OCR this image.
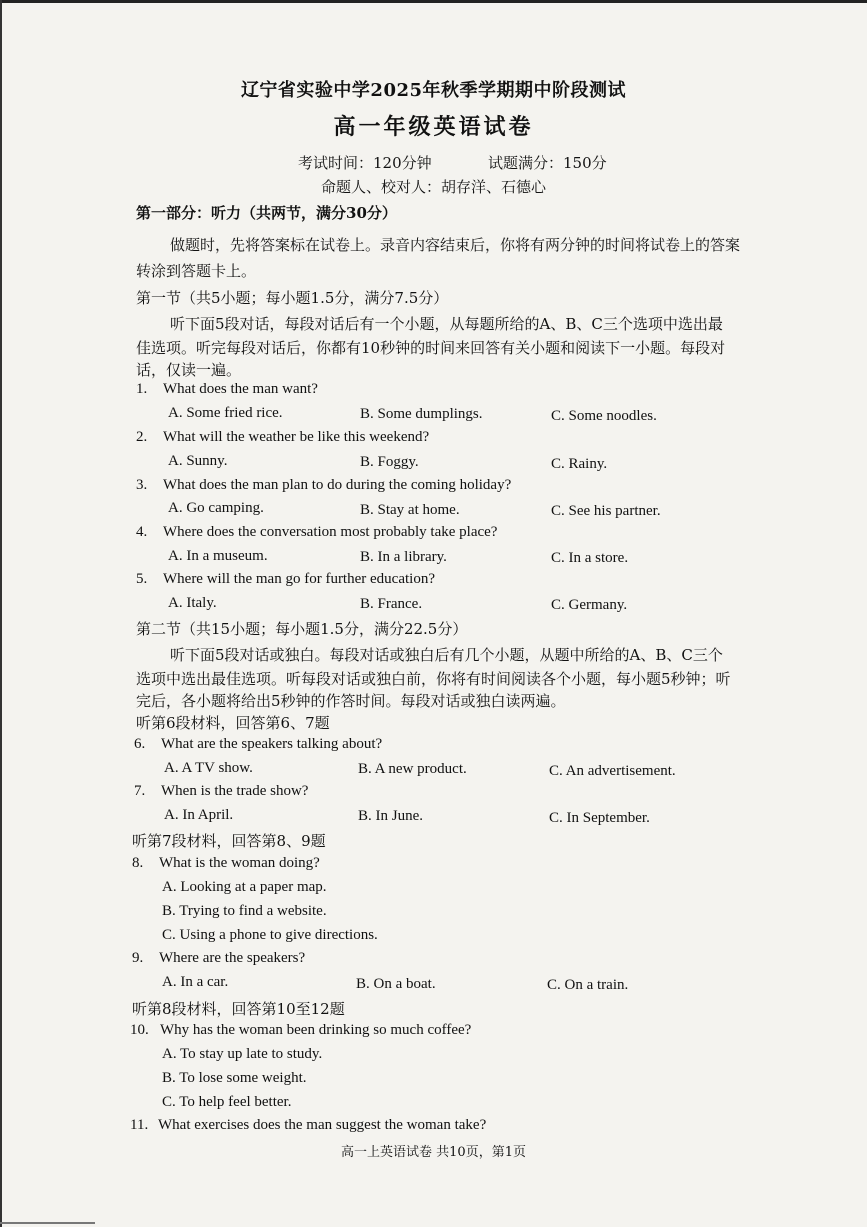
辽宁省实验中学2025年秋季学期期中阶段测试
高一年级英语试卷
考试时间：120分钟	试题满分：150分
命题人、校对人：胡存洋、石德心
第一部分：听力（共两节，满分30分）
做题时，先将答案标在试卷上。录音内容结束后，你将有两分钟的时间将试卷上的答案
转涂到答题卡上。
第一节（共5小题；每小题1.5分，满分7.5分）
听下面5段对话，每段对话后有一个小题，从每题所给的A、B、C三个选项中选出最
佳选项。听完每段对话后，你都有10秒钟的时间来回答有关小题和阅读下一小题。每段对
话，仅读一遍。
1. What does the man want?
A. Some fried rice.	B. Some dumplings.	C. Some noodles.
2. What will the weather be like this weekend?
A. Sunny.	B. Foggy.	C. Rainy.
3. What does the man plan to do during the coming holiday?
A. Go camping.	B. Stay at home.	C. See his partner.
4. Where does the conversation most probably take place?
A. In a museum.	B. In a library.	C. In a store.
5. Where will the man go for further education?
A. Italy.	B. France.	C. Germany.
第二节（共15小题；每小题1.5分，满分22.5分）
听下面5段对话或独白。每段对话或独白后有几个小题，从题中所给的A、B、C三个
选项中选出最佳选项。听每段对话或独白前，你将有时间阅读各个小题，每小题5秒钟；听
完后，各小题将给出5秒钟的作答时间。每段对话或独白读两遍。
听第6段材料，回答第6、7题
6. What are the speakers talking about?
A. A TV show.	B. A new product.	C. An advertisement.
7. When is the trade show?
A. In April.	B. In June.	C. In September.
听第7段材料，回答第8、9题
8. What is the woman doing?
A. Looking at a paper map.
B. Trying to find a website.
C. Using a phone to give directions.
9. Where are the speakers?
A. In a car.	B. On a boat.	C. On a train.
听第8段材料，回答第10至12题
10. Why has the woman been drinking so much coffee?
A. To stay up late to study.
B. To lose some weight.
C. To help feel better.
11. What exercises does the man suggest the woman take?
高一上英语试卷 共10页，第1页
